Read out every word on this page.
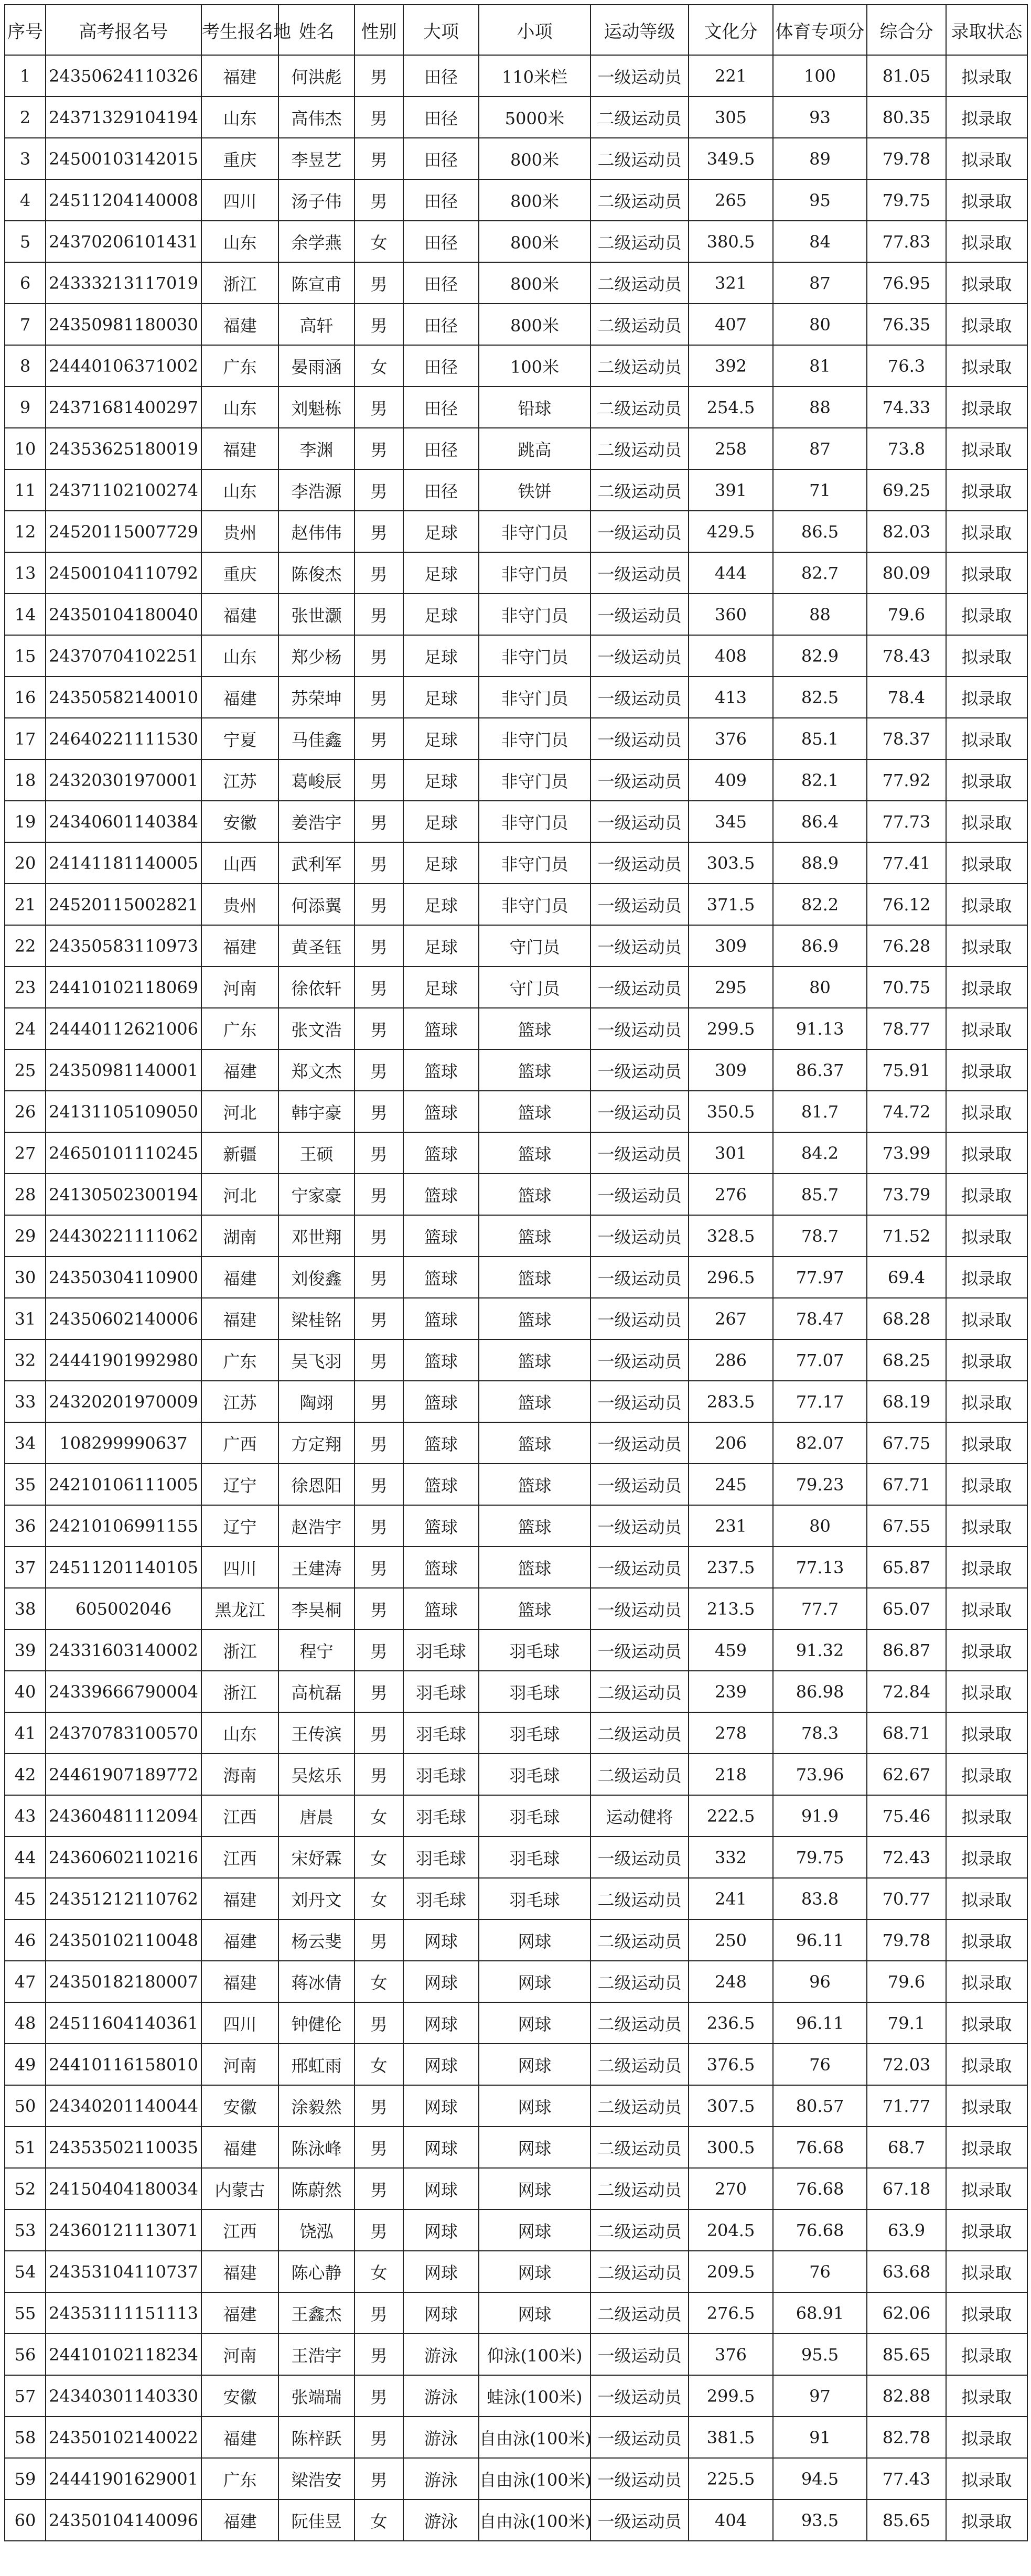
序号	高考报名号	考生报名地	姓名	性别	大项	小项	运动等级	文化分	体育专项分	综合分	录取状态
1	24350624110326	福建	何洪彪	男	田径	110米栏	一级运动员	221	100	81.05	拟录取
2	24371329104194	山东	高伟杰	男	田径	5000米	二级运动员	305	93	80.35	拟录取
3	24500103142015	重庆	李昱艺	男	田径	800米	二级运动员	349.5	89	79.78	拟录取
4	24511204140008	四川	汤子伟	男	田径	800米	二级运动员	265	95	79.75	拟录取
5	24370206101431	山东	余学燕	女	田径	800米	二级运动员	380.5	84	77.83	拟录取
6	24333213117019	浙江	陈宣甫	男	田径	800米	二级运动员	321	87	76.95	拟录取
7	24350981180030	福建	高轩	男	田径	800米	二级运动员	407	80	76.35	拟录取
8	24440106371002	广东	晏雨涵	女	田径	100米	二级运动员	392	81	76.3	拟录取
9	24371681400297	山东	刘魁栋	男	田径	铅球	二级运动员	254.5	88	74.33	拟录取
10	24353625180019	福建	李渊	男	田径	跳高	二级运动员	258	87	73.8	拟录取
11	24371102100274	山东	李浩源	男	田径	铁饼	二级运动员	391	71	69.25	拟录取
12	24520115007729	贵州	赵伟伟	男	足球	非守门员	一级运动员	429.5	86.5	82.03	拟录取
13	24500104110792	重庆	陈俊杰	男	足球	非守门员	一级运动员	444	82.7	80.09	拟录取
14	24350104180040	福建	张世灏	男	足球	非守门员	一级运动员	360	88	79.6	拟录取
15	24370704102251	山东	郑少杨	男	足球	非守门员	一级运动员	408	82.9	78.43	拟录取
16	24350582140010	福建	苏荣坤	男	足球	非守门员	一级运动员	413	82.5	78.4	拟录取
17	24640221111530	宁夏	马佳鑫	男	足球	非守门员	一级运动员	376	85.1	78.37	拟录取
18	24320301970001	江苏	葛峻辰	男	足球	非守门员	一级运动员	409	82.1	77.92	拟录取
19	24340601140384	安徽	姜浩宇	男	足球	非守门员	一级运动员	345	86.4	77.73	拟录取
20	24141181140005	山西	武利军	男	足球	非守门员	一级运动员	303.5	88.9	77.41	拟录取
21	24520115002821	贵州	何添翼	男	足球	非守门员	一级运动员	371.5	82.2	76.12	拟录取
22	24350583110973	福建	黄圣钰	男	足球	守门员	一级运动员	309	86.9	76.28	拟录取
23	24410102118069	河南	徐依轩	男	足球	守门员	一级运动员	295	80	70.75	拟录取
24	24440112621006	广东	张文浩	男	篮球	篮球	一级运动员	299.5	91.13	78.77	拟录取
25	24350981140001	福建	郑文杰	男	篮球	篮球	一级运动员	309	86.37	75.91	拟录取
26	24131105109050	河北	韩宇豪	男	篮球	篮球	一级运动员	350.5	81.7	74.72	拟录取
27	24650101110245	新疆	王硕	男	篮球	篮球	一级运动员	301	84.2	73.99	拟录取
28	24130502300194	河北	宁家豪	男	篮球	篮球	一级运动员	276	85.7	73.79	拟录取
29	24430221111062	湖南	邓世翔	男	篮球	篮球	一级运动员	328.5	78.7	71.52	拟录取
30	24350304110900	福建	刘俊鑫	男	篮球	篮球	一级运动员	296.5	77.97	69.4	拟录取
31	24350602140006	福建	梁桂铭	男	篮球	篮球	一级运动员	267	78.47	68.28	拟录取
32	24441901992980	广东	吴飞羽	男	篮球	篮球	一级运动员	286	77.07	68.25	拟录取
33	24320201970009	江苏	陶翊	男	篮球	篮球	一级运动员	283.5	77.17	68.19	拟录取
34	108299990637	广西	方定翔	男	篮球	篮球	一级运动员	206	82.07	67.75	拟录取
35	24210106111005	辽宁	徐恩阳	男	篮球	篮球	一级运动员	245	79.23	67.71	拟录取
36	24210106991155	辽宁	赵浩宇	男	篮球	篮球	一级运动员	231	80	67.55	拟录取
37	24511201140105	四川	王建涛	男	篮球	篮球	一级运动员	237.5	77.13	65.87	拟录取
38	605002046	黑龙江	李昊桐	男	篮球	篮球	一级运动员	213.5	77.7	65.07	拟录取
39	24331603140002	浙江	程宁	男	羽毛球	羽毛球	一级运动员	459	91.32	86.87	拟录取
40	24339666790004	浙江	高杭磊	男	羽毛球	羽毛球	二级运动员	239	86.98	72.84	拟录取
41	24370783100570	山东	王传滨	男	羽毛球	羽毛球	二级运动员	278	78.3	68.71	拟录取
42	24461907189772	海南	吴炫乐	男	羽毛球	羽毛球	二级运动员	218	73.96	62.67	拟录取
43	24360481112094	江西	唐晨	女	羽毛球	羽毛球	运动健将	222.5	91.9	75.46	拟录取
44	24360602110216	江西	宋妤霖	女	羽毛球	羽毛球	一级运动员	332	79.75	72.43	拟录取
45	24351212110762	福建	刘丹文	女	羽毛球	羽毛球	二级运动员	241	83.8	70.77	拟录取
46	24350102110048	福建	杨云斐	男	网球	网球	二级运动员	250	96.11	79.78	拟录取
47	24350182180007	福建	蒋冰倩	女	网球	网球	二级运动员	248	96	79.6	拟录取
48	24511604140361	四川	钟健伦	男	网球	网球	二级运动员	236.5	96.11	79.1	拟录取
49	24410116158010	河南	邢虹雨	女	网球	网球	二级运动员	376.5	76	72.03	拟录取
50	24340201140044	安徽	涂毅然	男	网球	网球	二级运动员	307.5	80.57	71.77	拟录取
51	24353502110035	福建	陈泳峰	男	网球	网球	二级运动员	300.5	76.68	68.7	拟录取
52	24150404180034	内蒙古	陈蔚然	男	网球	网球	二级运动员	270	76.68	67.18	拟录取
53	24360121113071	江西	饶泓	男	网球	网球	二级运动员	204.5	76.68	63.9	拟录取
54	24353104110737	福建	陈心静	女	网球	网球	二级运动员	209.5	76	63.68	拟录取
55	24353111151113	福建	王鑫杰	男	网球	网球	二级运动员	276.5	68.91	62.06	拟录取
56	24410102118234	河南	王浩宇	男	游泳	仰泳(100米)	一级运动员	376	95.5	85.65	拟录取
57	24340301140330	安徽	张端瑞	男	游泳	蛙泳(100米)	一级运动员	299.5	97	82.88	拟录取
58	24350102140022	福建	陈梓跃	男	游泳	自由泳(100米)	一级运动员	381.5	91	82.78	拟录取
59	24441901629001	广东	梁浩安	男	游泳	自由泳(100米)	一级运动员	225.5	94.5	77.43	拟录取
60	24350104140096	福建	阮佳昱	女	游泳	自由泳(100米)	一级运动员	404	93.5	85.65	拟录取
